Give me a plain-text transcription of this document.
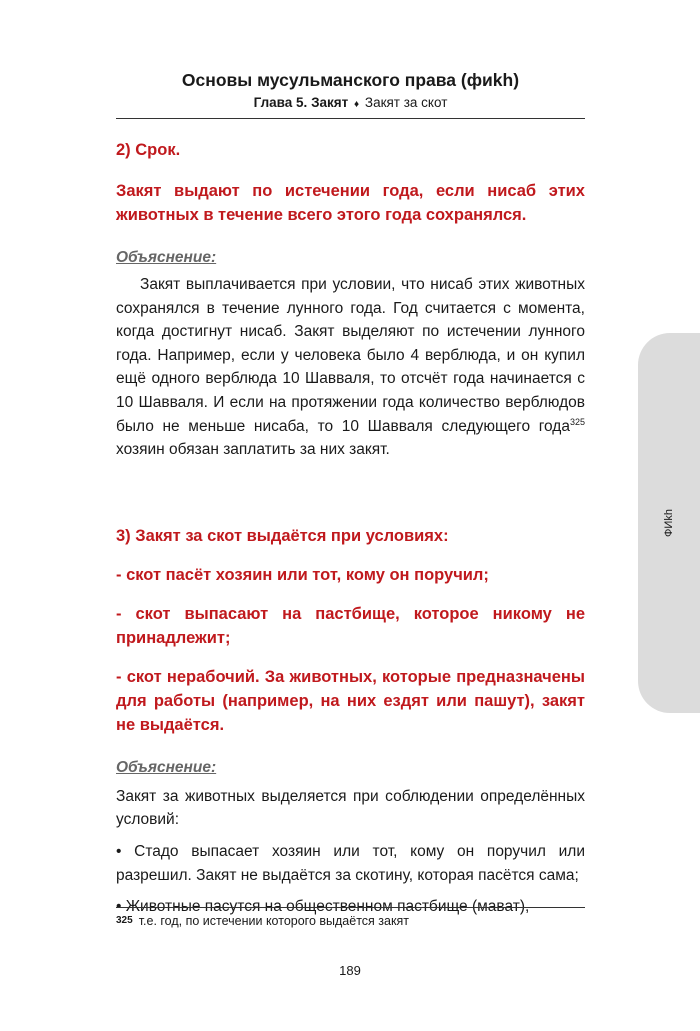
Основы мусульманского права (фиkh)
Глава 5. Закят ♦ Закят за скот

2) Срок.

Закят выдают по истечении года, если нисаб этих животных в течение всего этого года сохранялся.

Объяснение:

Закят выплачивается при условии, что нисаб этих животных сохранялся в течение лунного года. Год считается с момента, когда достигнут нисаб. Закят выделяют по истечении лунного года. Например, если у человека было 4 верблюда, и он купил ещё одного верблюда 10 Шавваля, то отсчёт года начинается с 10 Шавваля. И если на протяжении года количество верблюдов было не меньше нисаба, то 10 Шавваля следующего года$^{325}$ хозяин обязан заплатить за них закят.

3) Закят за скот выдаётся при условиях:

- скот пасёт хозяин или тот, кому он поручил;

- скот выпасают на пастбище, которое никому не принадлежит;

- скот нерабочий. За животных, которые предназначены для работы (например, на них ездят или пашут), закят не выдаётся.

Объяснение:

Закят за животных выделяется при соблюдении определённых условий:

• Стадо выпасает хозяин или тот, кому он поручил или разрешил. Закят не выдаётся за скотину, которая пасётся сама;

• Животные пасутся на общественном пастбище (мават),

$^{325}$ т.е. год, по истечении которого выдаётся закят
189
ФИkh
